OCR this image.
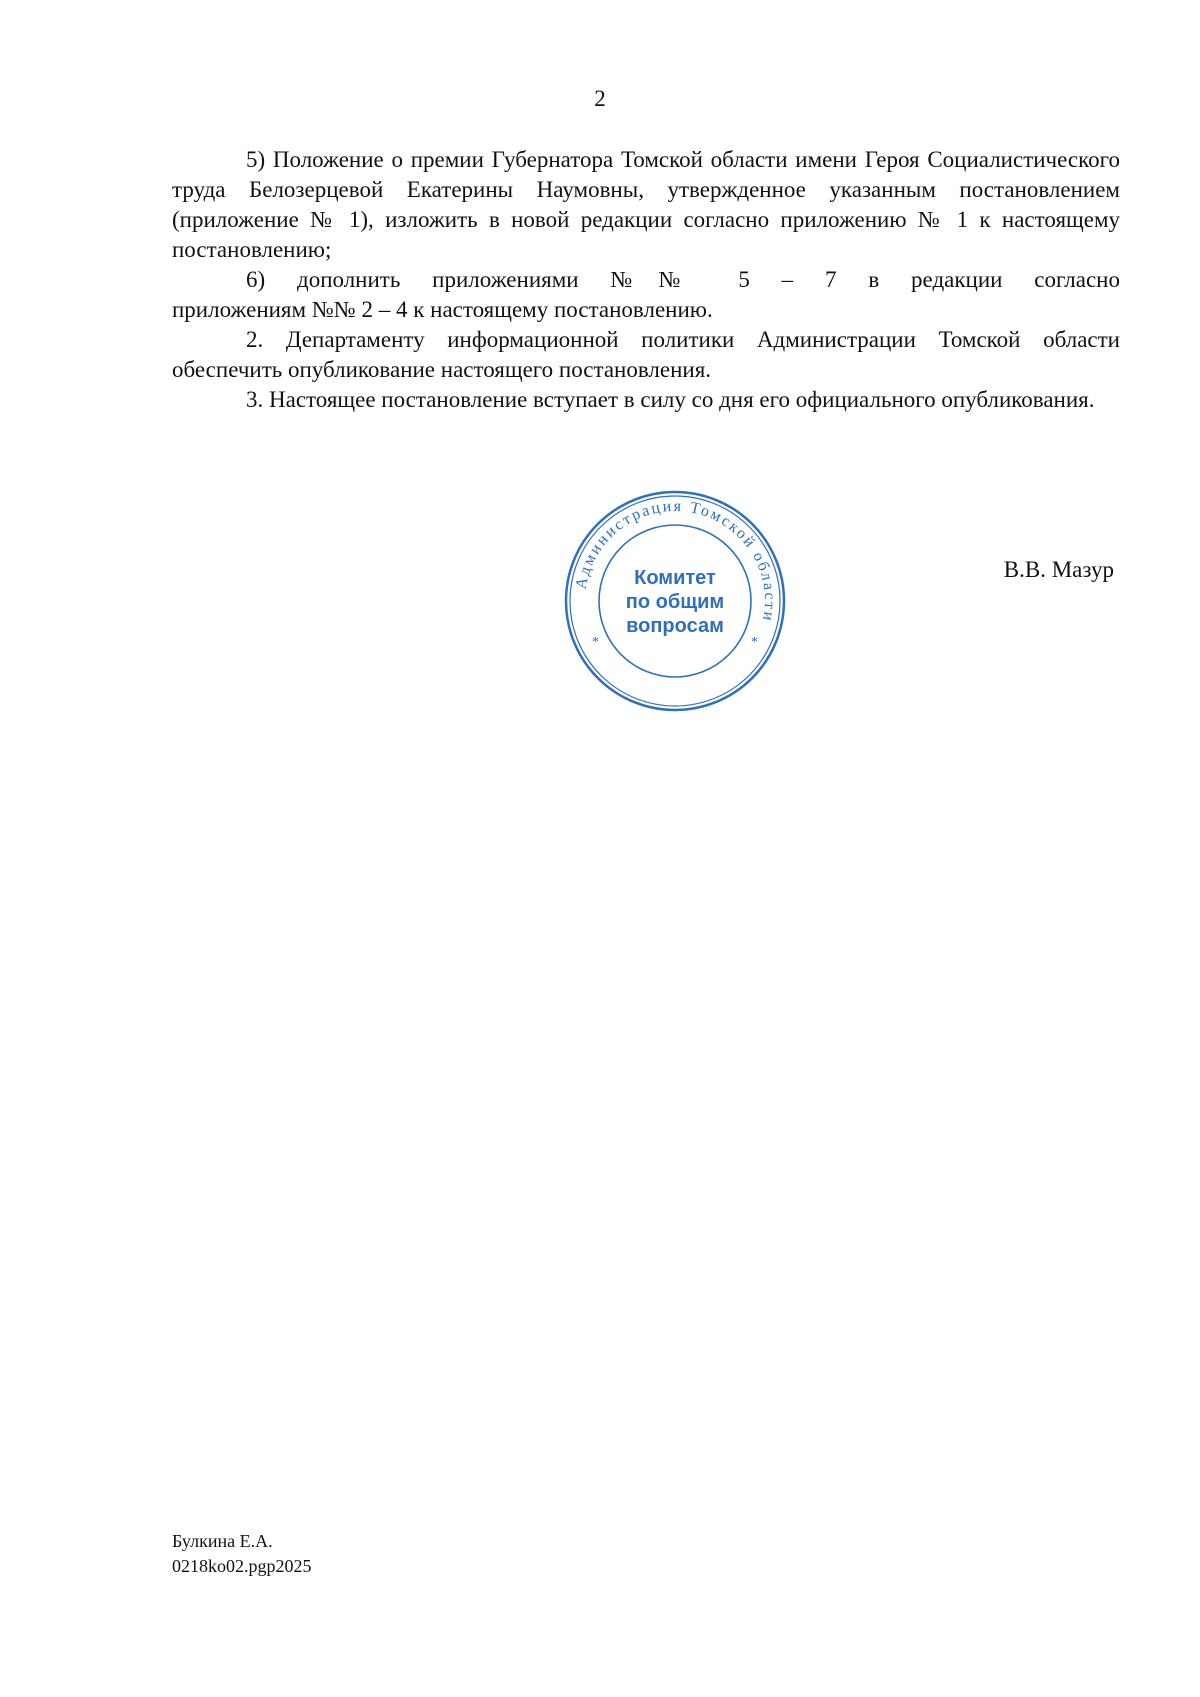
2

5) Положение о премии Губернатора Томской области имени Героя Социалистического труда Белозерцевой Екатерины Наумовны, утвержденное указанным постановлением (приложение № 1), изложить в новой редакции согласно приложению № 1 к настоящему постановлению;

6) дополнить приложениями №№ 5 – 7 в редакции согласно

приложениям №№ 2 – 4 к настоящему постановлению.

2. Департаменту информационной политики Администрации Томской области обеспечить опубликование настоящего постановления.

3. Настоящее постановление вступает в силу со дня его официального опубликования.

Администрация Томской области
*	*
Комитет
по общим
вопросам
В.В. Мазур
Булкина Е.А.
0218ko02.pgp2025
